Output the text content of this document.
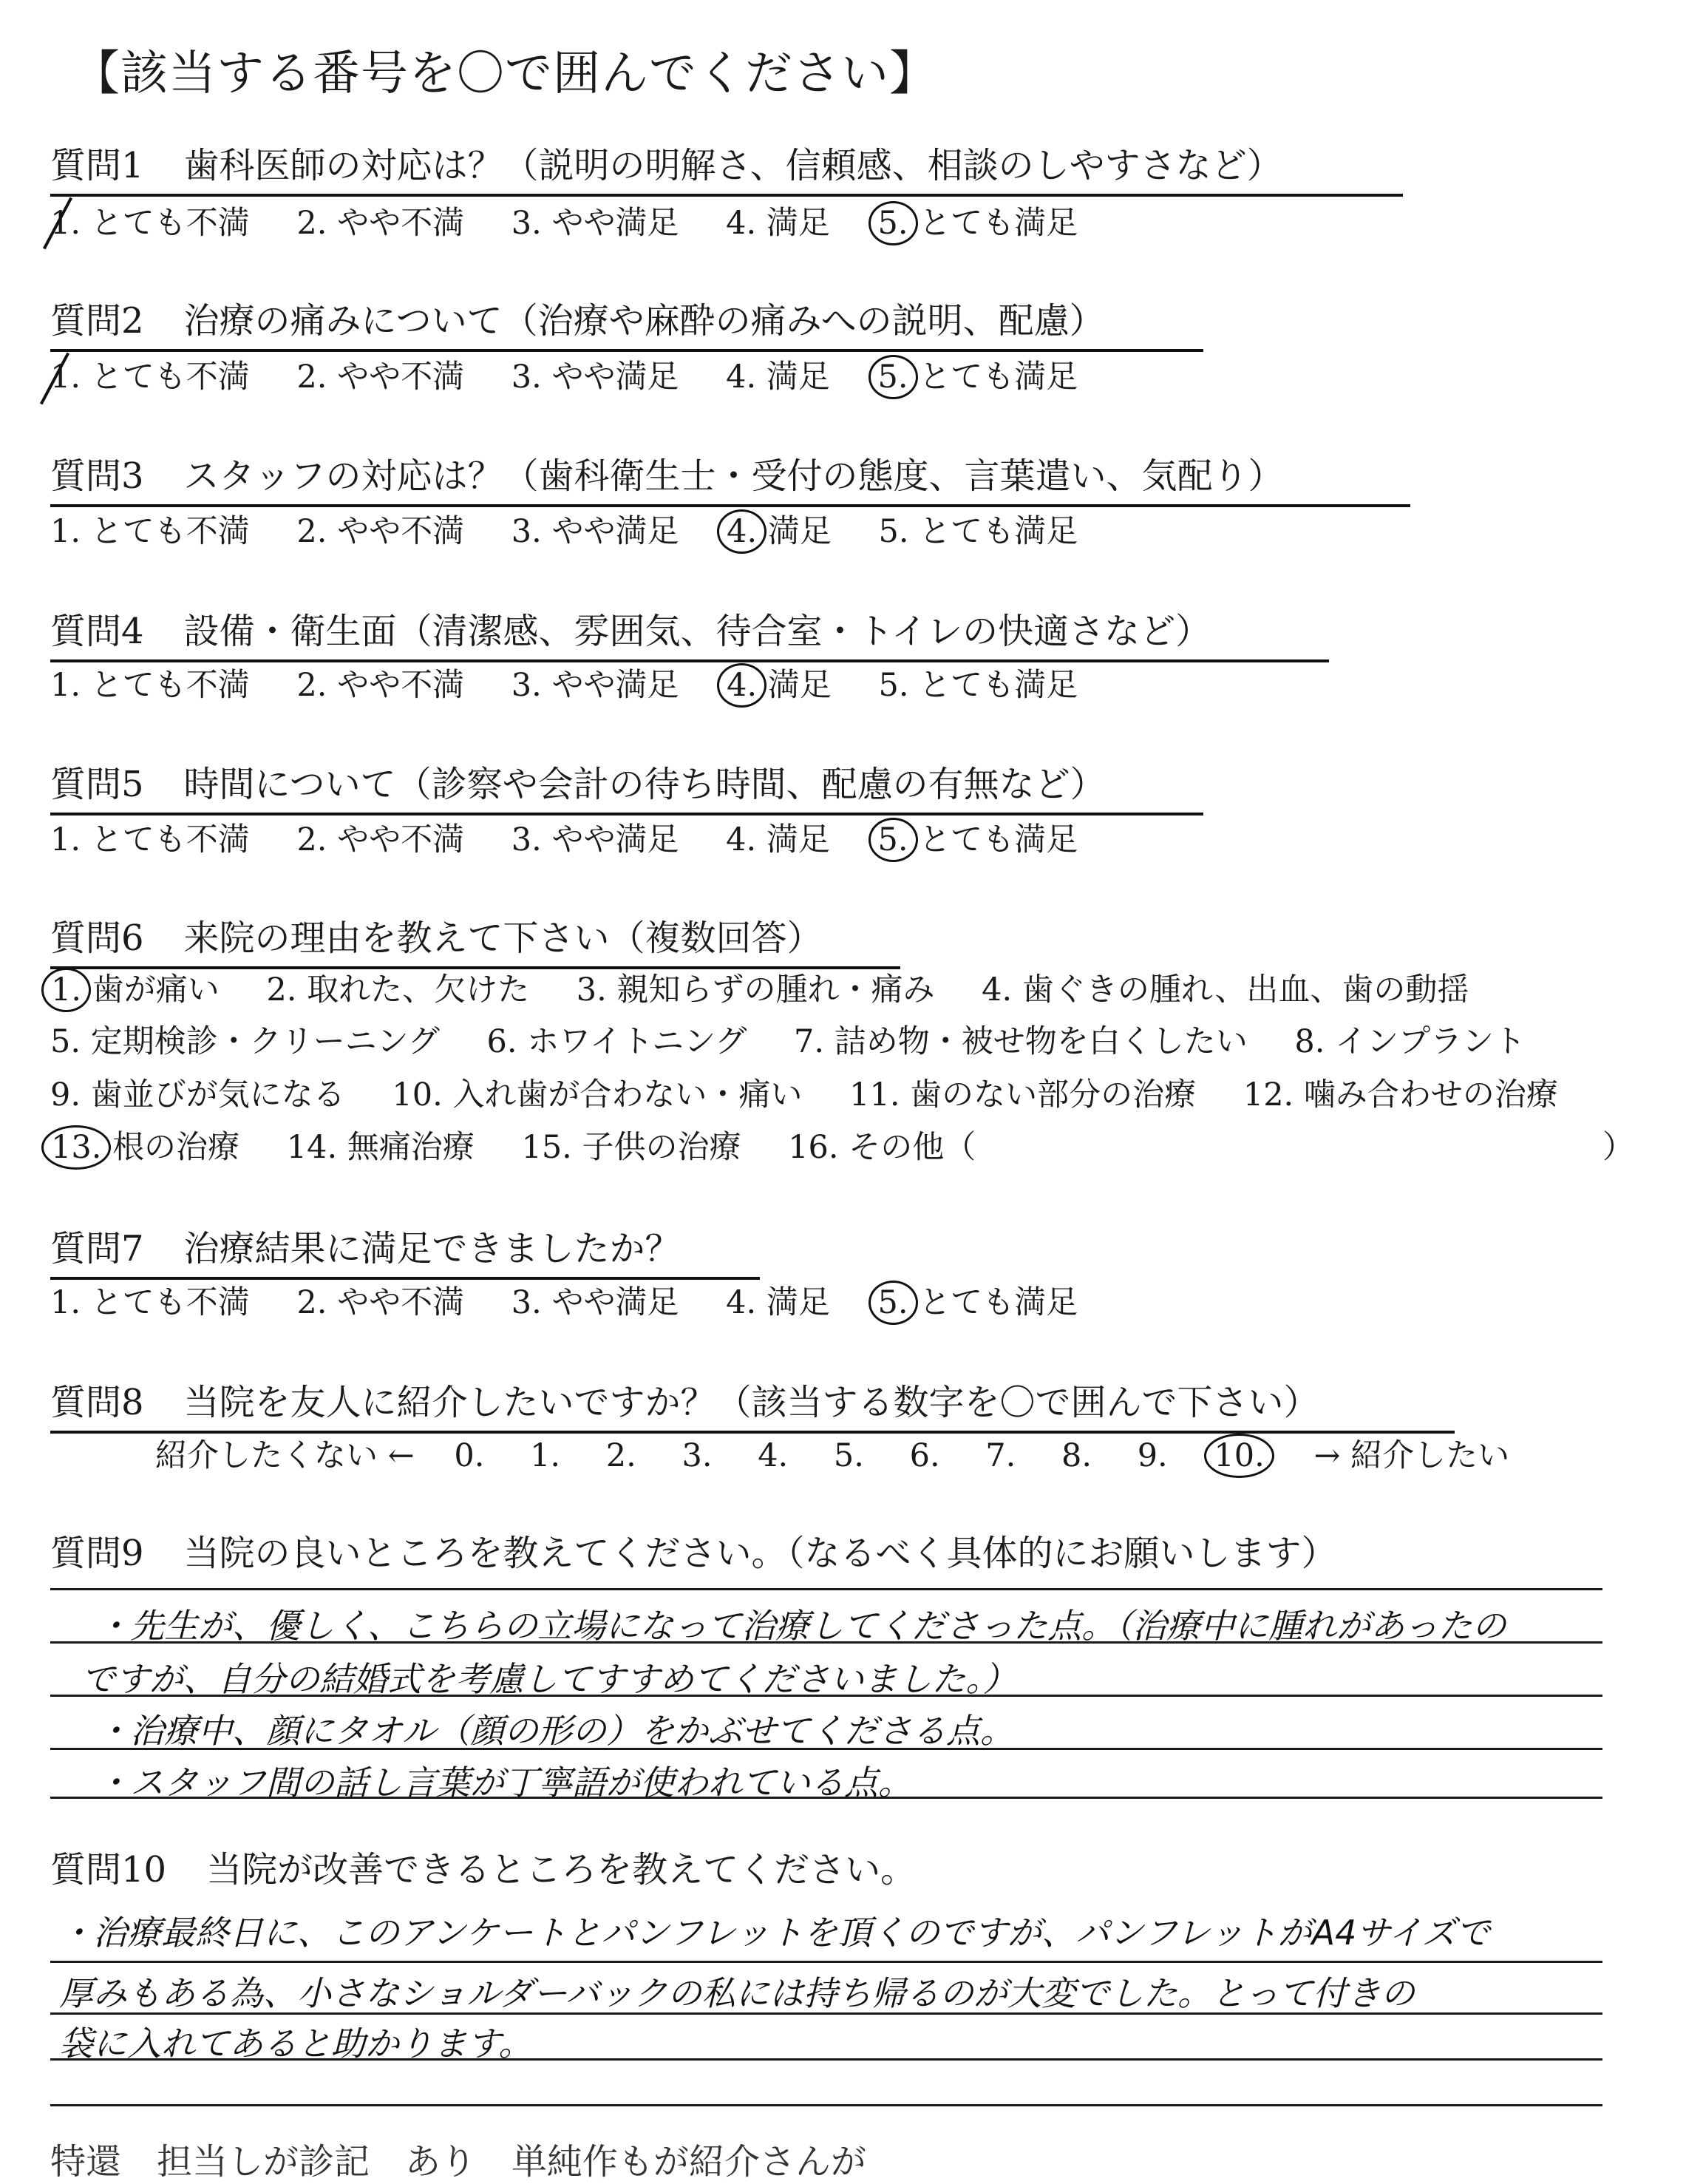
【該当する番号を〇で囲んでください】
質問1 歯科医師の対応は？（説明の明解さ、信頼感、相談のしやすさなど）
1. とても不満 2. やや不満 3. やや満足 4. 満足 5. とても満足
質問2 治療の痛みについて（治療や麻酔の痛みへの説明、配慮）
1. とても不満 2. やや不満 3. やや満足 4. 満足 5. とても満足
質問3 スタッフの対応は？（歯科衛生士・受付の態度、言葉遣い、気配り）
1. とても不満 2. やや不満 3. やや満足 4. 満足 5. とても満足
質問4 設備・衛生面（清潔感、雰囲気、待合室・トイレの快適さなど）
1. とても不満 2. やや不満 3. やや満足 4. 満足 5. とても満足
質問5 時間について（診察や会計の待ち時間、配慮の有無など）
1. とても不満 2. やや不満 3. やや満足 4. 満足 5. とても満足
質問6 来院の理由を教えて下さい（複数回答）
1. 歯が痛い 2. 取れた、欠けた 3. 親知らずの腫れ・痛み 4. 歯ぐきの腫れ、出血、歯の動揺
5. 定期検診・クリーニング 6. ホワイトニング 7. 詰め物・被せ物を白くしたい 8. インプラント
9. 歯並びが気になる 10. 入れ歯が合わない・痛い 11. 歯のない部分の治療 12. 噛み合わせの治療
13. 根の治療 14. 無痛治療 15. 子供の治療 16. その他（	）
質問7 治療結果に満足できましたか？
1. とても不満 2. やや不満 3. やや満足 4. 満足 5. とても満足
質問8 当院を友人に紹介したいですか？（該当する数字を〇で囲んで下さい）
紹介したくない ← 0. 1. 2. 3. 4. 5. 6. 7. 8. 9. 10. → 紹介したい
質問9 当院の良いところを教えてください。（なるべく具体的にお願いします）
・先生が、優しく、こちらの立場になって治療してくださった点。（治療中に腫れがあったの
ですが、自分の結婚式を考慮してすすめてくださいました。）
・治療中、顔にタオル（顔の形の）をかぶせてくださる点。
・スタッフ間の話し言葉が丁寧語が使われている点。
質問10 当院が改善できるところを教えてください。
・治療最終日に、このアンケートとパンフレットを頂くのですが、パンフレットがA4サイズで
厚みもある為、小さなショルダーバックの私には持ち帰るのが大変でした。とって付きの
袋に入れてあると助かります。
特還　担当しが診記　あり　単純作もが紹介さんが
